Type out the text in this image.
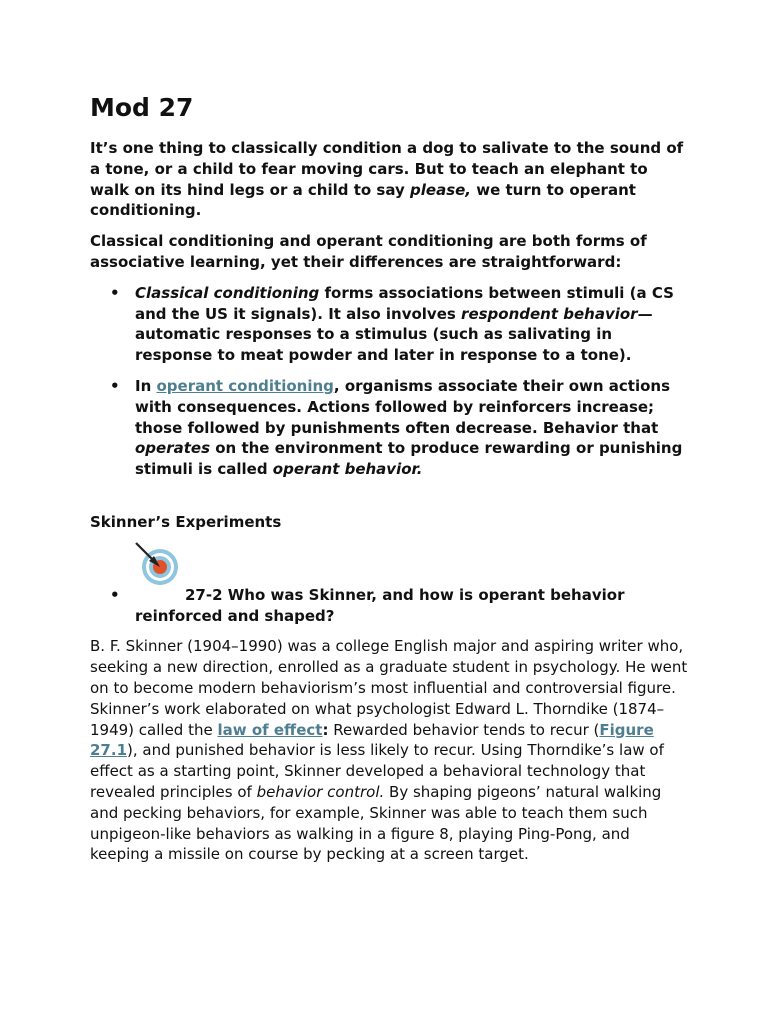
Mod 27

It’s one thing to classically condition a dog to salivate to the sound of a tone, or a child to fear moving cars. But to teach an elephant to walk on its hind legs or a child to say please, we turn to operant conditioning.

Classical conditioning and operant conditioning are both forms of associative learning, yet their differences are straightforward:

• Classical conditioning forms associations between stimuli (a CS and the US it signals). It also involves respondent behavior—automatic responses to a stimulus (such as salivating in response to meat powder and later in response to a tone).
• In operant conditioning, organisms associate their own actions with consequences. Actions followed by reinforcers increase; those followed by punishments often decrease. Behavior that operates on the environment to produce rewarding or punishing stimuli is called operant behavior.
Skinner’s Experiments
• 27-2 Who was Skinner, and how is operant behavior
reinforced and shaped?

B. F. Skinner (1904–1990) was a college English major and aspiring writer who, seeking a new direction, enrolled as a graduate student in psychology. He went on to become modern behaviorism’s most influential and controversial figure. Skinner’s work elaborated on what psychologist Edward L. Thorndike (1874–1949) called the law of effect: Rewarded behavior tends to recur (Figure 27.1), and punished behavior is less likely to recur. Using Thorndike’s law of effect as a starting point, Skinner developed a behavioral technology that revealed principles of behavior control. By shaping pigeons’ natural walking and pecking behaviors, for example, Skinner was able to teach them such unpigeon-like behaviors as walking in a figure 8, playing Ping-Pong, and keeping a missile on course by pecking at a screen target.
